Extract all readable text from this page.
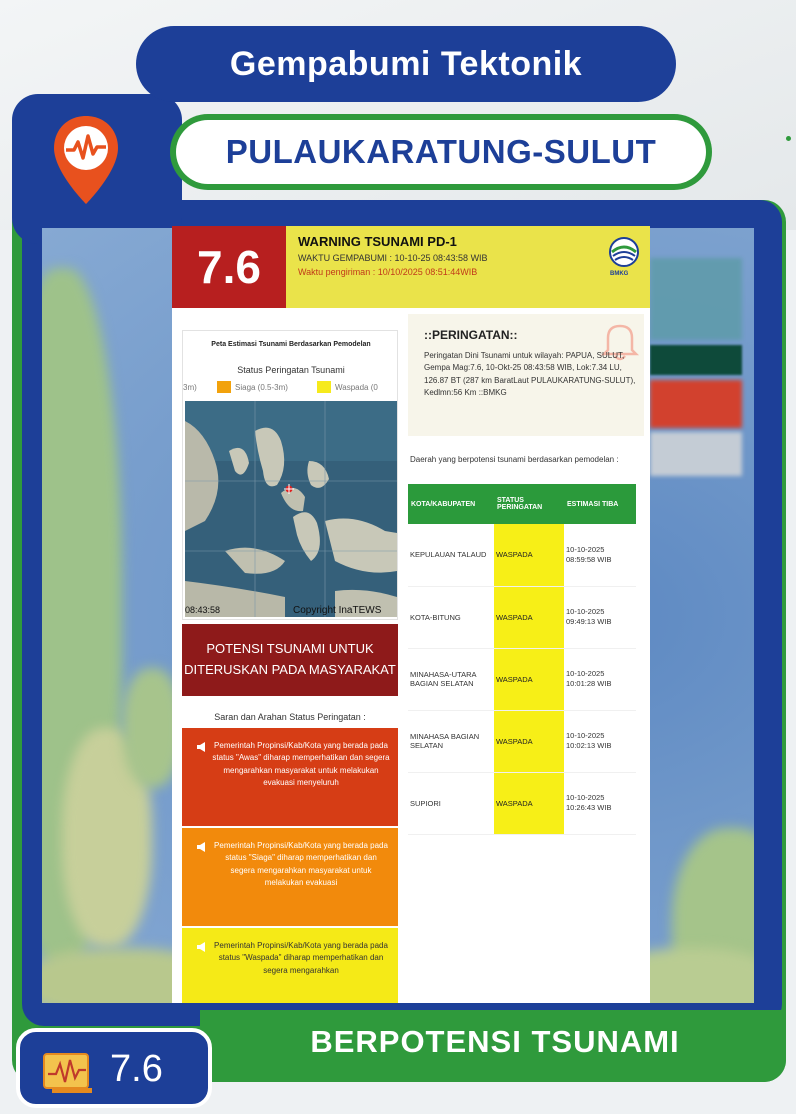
Gempabumi Tektonik
PULAUKARATUNG-SULUT
7.6	WARNING TSUNAMI PD-1
WAKTU GEMPABUMI : 10-10-25 08:43:58 WIB
Waktu pengiriman : 10/10/2025 08:51:44WIB	BMKG
Peta Estimasi Tsunami Berdasarkan Pemodelan
Status Peringatan Tsunami
3m)	Siaga (0.5-3m)	Waspada (0
08:43:58	Copyright InaTEWS
POTENSI TSUNAMI UNTUK
DITERUSKAN PADA MASYARAKAT
Saran dan Arahan Status Peringatan :
Pemerintah Propinsi/Kab/Kota yang berada pada status "Awas" diharap memperhatikan dan segera mengarahkan masyarakat untuk melakukan evakuasi menyeluruh
Pemerintah Propinsi/Kab/Kota yang berada pada status "Siaga" diharap memperhatikan dan segera mengarahkan masyarakat untuk melakukan evakuasi
Pemerintah Propinsi/Kab/Kota yang berada pada status "Waspada" diharap memperhatikan dan segera mengarahkan
::PERINGATAN::
Peringatan Dini Tsunami untuk wilayah: PAPUA, SULUT, Gempa Mag:7.6, 10-Okt-25 08:43:58 WIB, Lok:7.34 LU, 126.87 BT (287 km BaratLaut PULAUKARATUNG-SULUT), Kedlmn:56 Km ::BMKG
Daerah yang berpotensi tsunami berdasarkan pemodelan :
KOTA/KABUPATEN	STATUS PERINGATAN	ESTIMASI TIBA
KEPULAUAN TALAUD	WASPADA	10-10-2025 08:59:58 WIB
KOTA-BITUNG	WASPADA	10-10-2025 09:49:13 WIB
MINAHASA-UTARA BAGIAN SELATAN	WASPADA	10-10-2025 10:01:28 WIB
MINAHASA BAGIAN SELATAN	WASPADA	10-10-2025 10:02:13 WIB
SUPIORI	WASPADA	10-10-2025 10:26:43 WIB
BERPOTENSI TSUNAMI
7.6
